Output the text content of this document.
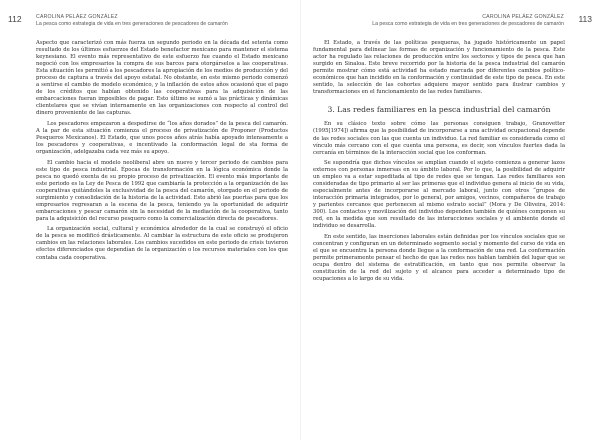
112	CAROLINA PELÁEZ GONZÁLEZ
La pesca como estrategia de vida en tres generaciones de pescadores de camarón

Aspecto que caracterizó con más fuerza un segundo periodo en la década del setenta como resultado de los últimos esfuerzos del Estado benefactor mexicano para mantener el sistema keynesiano. El evento más representativo de este esfuerzo fue cuando el Estado mexicano negoció con los empresarios la compra de sus barcos para otorgárselos a las cooperativas. Esta situación les permitió a los pescadores la apropiación de los medios de producción y del proceso de captura a través del apoyo estatal. No obstante, en este mismo periodo comenzó a sentirse el cambio de modelo económico, y la inflación de estos años ocasionó que el pago de los créditos que habían obtenido las cooperativas para la adquisición de las embarcaciones fueran imposibles de pagar. Esto último se sumó a las prácticas y dinámicas clientelares que se vivían internamente en las organizaciones con respecto al control del dinero proveniente de las capturas.

Los pescadores empezaron a despedirse de “los años dorados” de la pesca del camarón. A la par de esta situación comienza el proceso de privatización de Proponer (Productos Pesqueros Mexicanos). El Estado, que unos pocos años atrás había apoyado intensamente a los pescadores y cooperativas, e incentivado la conformación legal de sta forma de organización, adelgazaba cada vez más su apoyo.

El cambio hacia el modelo neoliberal abre un nuevo y tercer periodo de cambios para este tipo de pesca industrial. Épocas de transformación en la lógica económica donde la pesca no quedó exenta de su propio proceso de privatización. El evento más importante de este periodo es la Ley de Pesca de 1992 que cambiaría la protección a la organización de las cooperativas quitándoles la exclusividad de la pesca del camarón, otorgado en el periodo de surgimiento y consolidación de la historia de la actividad. Esto abrió las puertas para que los empresarios regresaran a la escena de la pesca, teniendo ya la oportunidad de adquirir embarcaciones y pescar camarón sin la necesidad de la mediación de la cooperativa, tanto para la adquisición del recurso pesquero como la comercialización directa de pescadores.

La organización social, cultural y económica alrededor de la cual se construyó el oficio de la pesca se modificó drásticamente. Al cambiar la estructura de este oficio se produjeron cambios en las relaciones laborales. Los cambios sucedidos en este periodo de crisis tuvieron efectos diferenciados que dependían de la organización o los recursos materiales con los que contaba cada cooperativa.

113
CAROLINA PELÁEZ GONZÁLEZ
La pesca como estrategia de vida en tres generaciones de pescadores de camarón

El Estado, a través de las políticas pesqueras, ha jugado históricamente un papel fundamental para delinear las formas de organización y funcionamiento de la pesca. Este actor ha regulado las relaciones de producción entre los sectores y tipos de pesca que han surgido en Sinaloa. Este breve recorrido por la historia de la pesca industrial del camarón permite mostrar cómo está actividad ha estado marcada por diferentes cambios político-económicos que han incidido en la conformación y continuidad de este tipo de pesca. En este sentido, la selección de las cohortes adquiere mayor sentido para ilustrar cambios y transformaciones en el funcionamiento de las redes familiares.

3. Las redes familiares en la pesca industrial del camarón

En su clásico texto sobre cómo las personas consiguen trabajo, Granovetter (1995[1974]) afirma que la posibilidad de incorporarse a una actividad ocupacional depende de las redes sociales con las que cuenta un individuo. La red familiar es considerada como el vínculo más cercano con el que cuenta una persona, es decir, son vínculos fuertes dada la cercanía en términos de la interacción social que los conforman.

Se supondría que dichos vínculos se amplían cuando el sujeto comienza a generar lazos externos con personas inmersas en su ámbito laboral. Por lo que, la posibilidad de adquirir un empleo va a estar supeditada al tipo de redes que se tengan. Las redes familiares son consideradas de tipo primario al ser las primeras que el individuo genera al inicio de su vida, especialmente antes de incorporarse al mercado laboral, junto con otros “grupos de interacción primaria integrados, por lo general, por amigos, vecinos, compañeros de trabajo y parientes cercanos que pertenecen al mismo estrato social” (Mora y De Oliveira, 2014: 300). Los contactos y movilización del individuo dependen también de quiénes componen su red, en la medida que son resultado de las interacciones sociales y el ambiente donde el individuo se desarrolla.

En este sentido, las inserciones laborales están definidas por los vínculos sociales que se concentran y configuran en un determinado segmento social y momento del curso de vida en el que se encuentra la persona donde llegue a la conformación de una red. La conformación permite primeramente pensar el hecho de que las redes nos hablan también del lugar que se ocupa dentro del sistema de estratificación, en tanto que nos permite observar la constitución de la red del sujeto y el alcance para acceder a determinado tipo de ocupaciones a lo largo de su vida.
